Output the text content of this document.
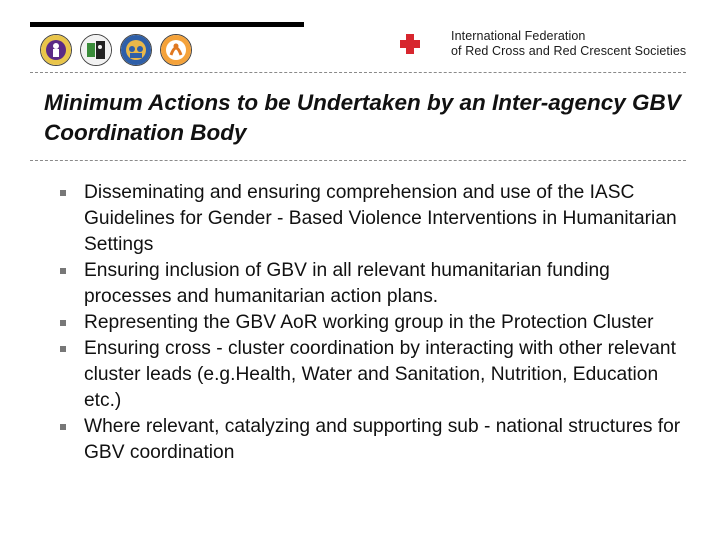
International Federation
of Red Cross and Red Crescent Societies
Minimum Actions to be Undertaken by an Inter-agency GBV Coordination Body
Disseminating and ensuring comprehension and use of the IASC Guidelines for Gender - Based Violence Interventions in Humanitarian Settings
Ensuring inclusion of GBV in all relevant humanitarian funding processes and humanitarian action plans.
Representing the GBV AoR working group in the Protection Cluster
Ensuring cross - cluster coordination by interacting with other relevant cluster leads (e.g.Health, Water and Sanitation, Nutrition, Education etc.)
Where relevant, catalyzing and supporting sub - national structures for GBV coordination
